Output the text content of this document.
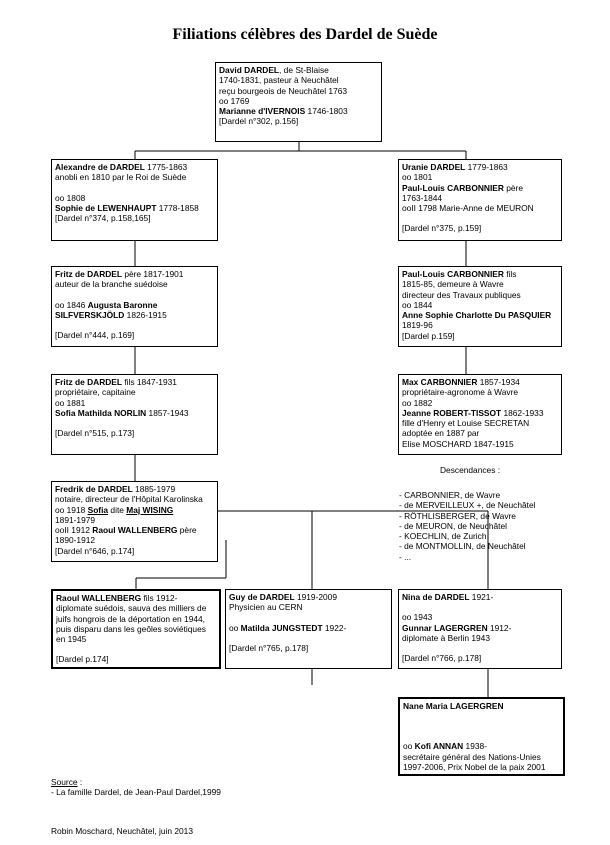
Filiations célèbres des Dardel de Suède
David DARDEL, de St-Blaise
1740-1831, pasteur à Neuchâtel
reçu bourgeois de Neuchâtel 1763
oo 1769
Marianne d'IVERNOIS 1746-1803
[Dardel n°302, p.156]
Alexandre de DARDEL 1775-1863
anobli en 1810 par le Roi de Suède
oo 1808
Sophie de LEWENHAUPT 1778-1858
[Dardel n°374, p.158,165]
Uranie DARDEL 1779-1863
oo 1801
Paul-Louis CARBONNIER père
1763-1844
ooII 1798 Marie-Anne de MEURON
[Dardel n°375, p.159]
Fritz de DARDEL père 1817-1901
auteur de la branche suédoise
oo 1846 Augusta Baronne
SILFVERSKJÖLD 1826-1915
[Dardel n°444, p.169]
Paul-Louis CARBONNIER fils
1815-85, demeure à Wavre
directeur des Travaux publiques
oo 1844
Anne Sophie Charlotte Du PASQUIER
1819-96
[Dardel p.159]
Fritz de DARDEL fils 1847-1931
propriétaire, capitaine
oo 1881
Sofia Mathilda NORLIN 1857-1943
[Dardel n°515, p.173]
Max CARBONNIER 1857-1934
propriétaire-agronome à Wavre
oo 1882
Jeanne ROBERT-TISSOT 1862-1933
fille d'Henry et Louise SECRETAN
adoptée en 1887 par
Elise MOSCHARD 1847-1915
Descendances :
- CARBONNIER, de Wavre
- de MERVEILLEUX +, de Neuchâtel
- RÖTHLISBERGER, de Wavre
- de MEURON, de Neuchâtel
- KOECHLIN, de Zurich
- de MONTMOLLIN, de Neuchâtel
- ...
Fredrik de DARDEL 1885-1979
notaire, directeur de l'Hôpital Karolinska
oo 1918 Sofia dite Maj WISING
1891-1979
ooII 1912 Raoul WALLENBERG père
1890-1912
[Dardel n°646, p.174]
Raoul WALLENBERG fils 1912-
diplomate suédois, sauva des milliers de
juifs hongrois de la déportation en 1944,
puis disparu dans les geôles soviétiques
en 1945
[Dardel p.174]
Guy de DARDEL 1919-2009
Physicien au CERN
oo Matilda JUNGSTEDT 1922-
[Dardel n°765, p.178]
Nina de DARDEL 1921-
oo 1943
Gunnar LAGERGREN 1912-
diplomate à Berlin 1943
[Dardel n°766, p.178]
Nane Maria LAGERGREN
oo Kofi ANNAN 1938-
secrétaire général des Nations-Unies
1997-2006, Prix Nobel de la paix 2001
Source :
- La famille Dardel, de Jean-Paul Dardel,1999
Robin Moschard, Neuchâtel, juin 2013
